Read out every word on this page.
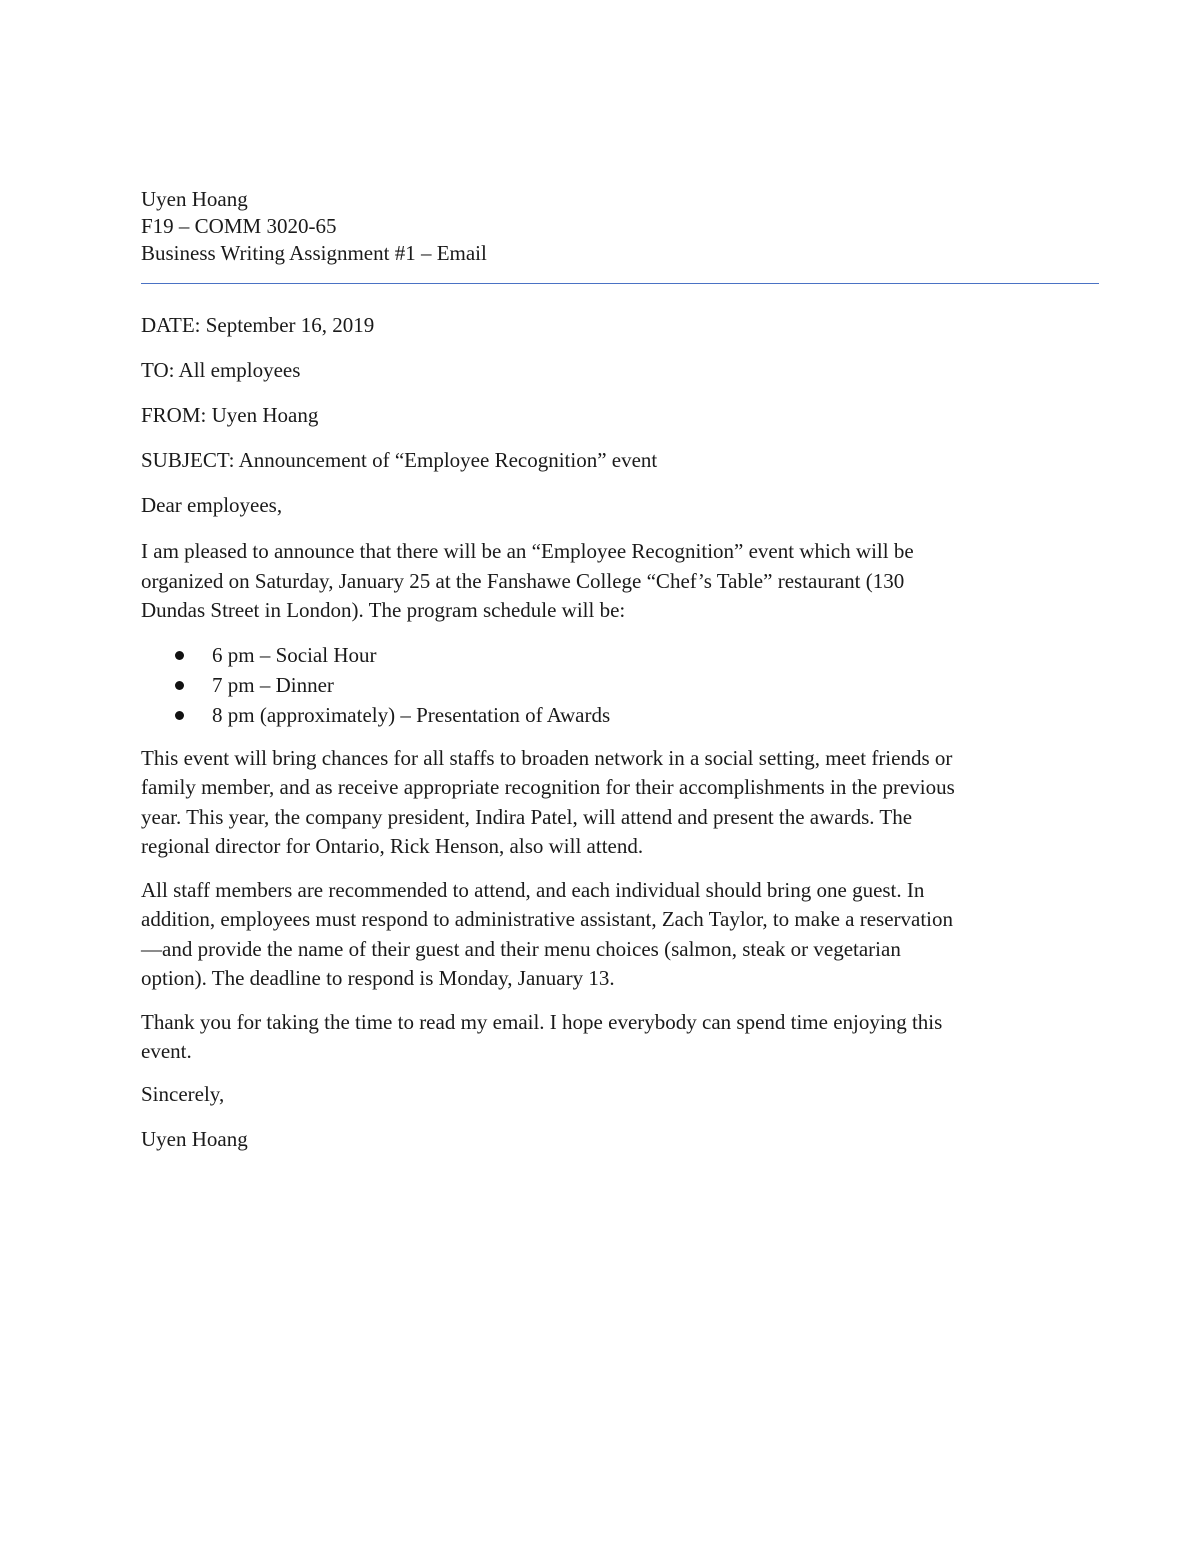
Uyen Hoang
F19 – COMM 3020-65
Business Writing Assignment #1 – Email
DATE: September 16, 2019
TO: All employees
FROM: Uyen Hoang
SUBJECT: Announcement of “Employee Recognition” event
Dear employees,
I am pleased to announce that there will be an “Employee Recognition” event which will be
organized on Saturday, January 25 at the Fanshawe College “Chef’s Table” restaurant (130
Dundas Street in London). The program schedule will be:
6 pm – Social Hour
7 pm – Dinner
8 pm (approximately) – Presentation of Awards
This event will bring chances for all staffs to broaden network in a social setting, meet friends or
family member, and as receive appropriate recognition for their accomplishments in the previous
year. This year, the company president, Indira Patel, will attend and present the awards. The
regional director for Ontario, Rick Henson, also will attend.
All staff members are recommended to attend, and each individual should bring one guest. In
addition, employees must respond to administrative assistant, Zach Taylor, to make a reservation
—and provide the name of their guest and their menu choices (salmon, steak or vegetarian
option). The deadline to respond is Monday, January 13.
Thank you for taking the time to read my email. I hope everybody can spend time enjoying this
event.
Sincerely,
Uyen Hoang
